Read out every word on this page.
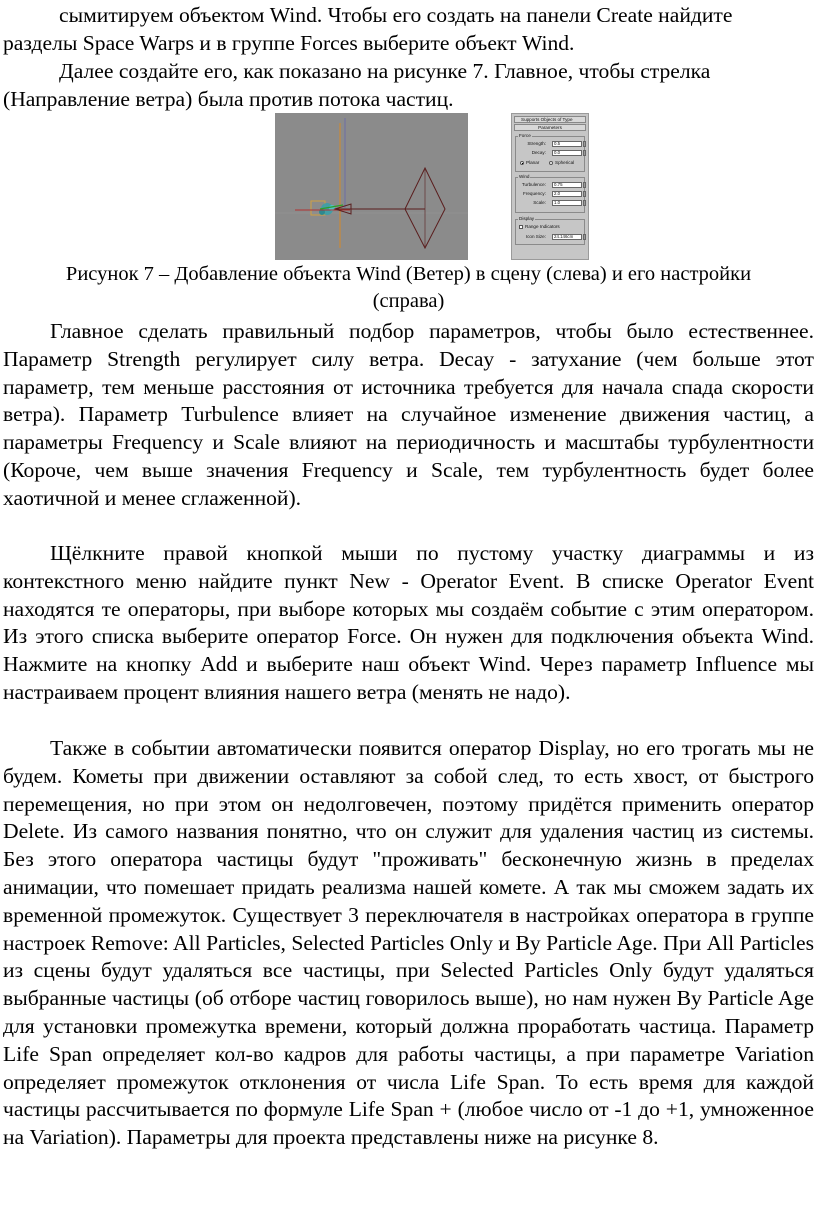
сымитируем объектом Wind. Чтобы его создать на панели Create найдите

разделы Space Warps и в группе Forces выберите объект Wind.

Далее создайте его, как показано на рисунке 7. Главное, чтобы стрелка

(Направление ветра) была против потока частиц.

Supports Objects of Type
Parameters
Force
Strength:	0.5
Decay:	0.0
Planar	Spherical
Wind
Turbulence:	0.75
Frequency:	2.0
Scale:	1.0
Display
Range Indicators
Icon Size:	24.146cm
Рисунок 7 – Добавление объекта Wind (Ветер) в сцену (слева) и его настройки
(справа)

Главное сделать правильный подбор параметров, чтобы было естественнее. Параметр Strength регулирует силу ветра. Decay - затухание (чем больше этот параметр, тем меньше расстояния от источника требуется для начала спада скорости ветра). Параметр Turbulence влияет на случайное изменение движения частиц, а параметры Frequency и Scale влияют на периодичность и масштабы турбулентности (Короче, чем выше значения Frequency и Scale, тем турбулентность будет более хаотичной и менее сглаженной).

Щёлкните правой кнопкой мыши по пустому участку диаграммы и из контекстного меню найдите пункт New - Operator Event. В списке Operator Event находятся те операторы, при выборе которых мы создаём событие с этим оператором. Из этого списка выберите оператор Force. Он нужен для подключения объекта Wind. Нажмите на кнопку Add и выберите наш объект Wind. Через параметр Influence мы настраиваем процент влияния нашего ветра (менять не надо).

Также в событии автоматически появится оператор Display, но его трогать мы не будем. Кометы при движении оставляют за собой след, то есть хвост, от быстрого перемещения, но при этом он недолговечен, поэтому придётся применить оператор Delete. Из самого названия понятно, что он служит для удаления частиц из системы. Без этого оператора частицы будут "проживать" бесконечную жизнь в пределах анимации, что помешает придать реализма нашей комете. А так мы сможем задать их временной промежуток. Существует 3 переключателя в настройках оператора в группе настроек Remove: All Particles, Selected Particles Only и By Particle Age. При All Particles из сцены будут удаляться все частицы, при Selected Particles Only будут удаляться выбранные частицы (об отборе частиц говорилось выше), но нам нужен By Particle Age для установки промежутка времени, который должна проработать частица. Параметр Life Span определяет кол-во кадров для работы частицы, а при параметре Variation определяет промежуток отклонения от числа Life Span. То есть время для каждой частицы рассчитывается по формуле Life Span + (любое число от -1 до +1, умноженное на Variation). Параметры для проекта представлены ниже на рисунке 8.
